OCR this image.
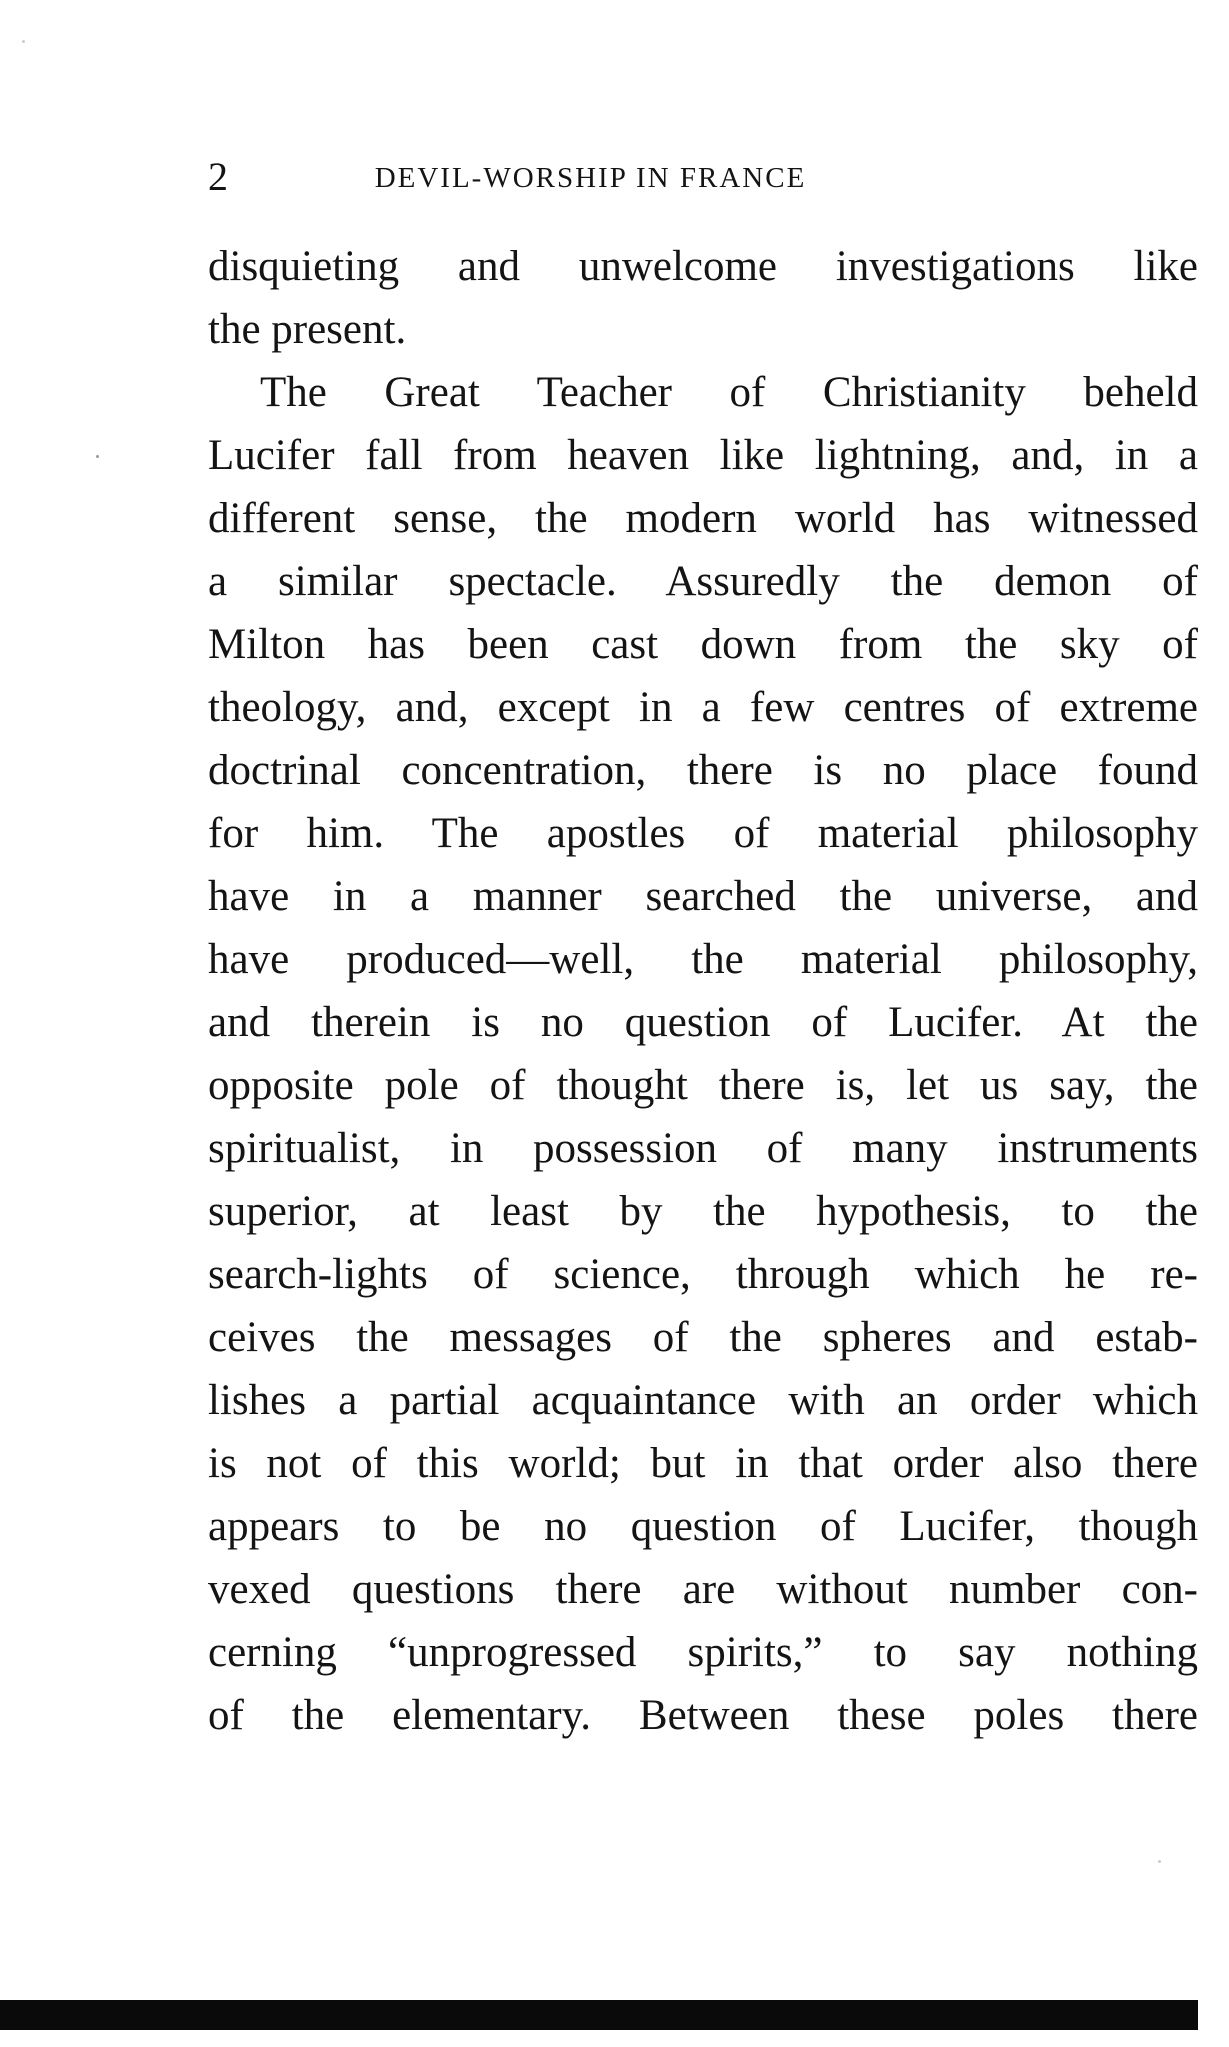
2	DEVIL-WORSHIP IN FRANCE
disquieting and unwelcome investigations like
the present.
The Great Teacher of Christianity beheld
Lucifer fall from heaven like lightning, and, in a
different sense, the modern world has witnessed
a similar spectacle. Assuredly the demon of
Milton has been cast down from the sky of
theology, and, except in a few centres of extreme
doctrinal concentration, there is no place found
for him. The apostles of material philosophy
have in a manner searched the universe, and
have produced—well, the material philosophy,
and therein is no question of Lucifer. At the
opposite pole of thought there is, let us say, the
spiritualist, in possession of many instruments
superior, at least by the hypothesis, to the
search-lights of science, through which he re-
ceives the messages of the spheres and estab-
lishes a partial acquaintance with an order which
is not of this world; but in that order also there
appears to be no question of Lucifer, though
vexed questions there are without number con-
cerning “unprogressed spirits,” to say nothing
of the elementary. Between these poles there
